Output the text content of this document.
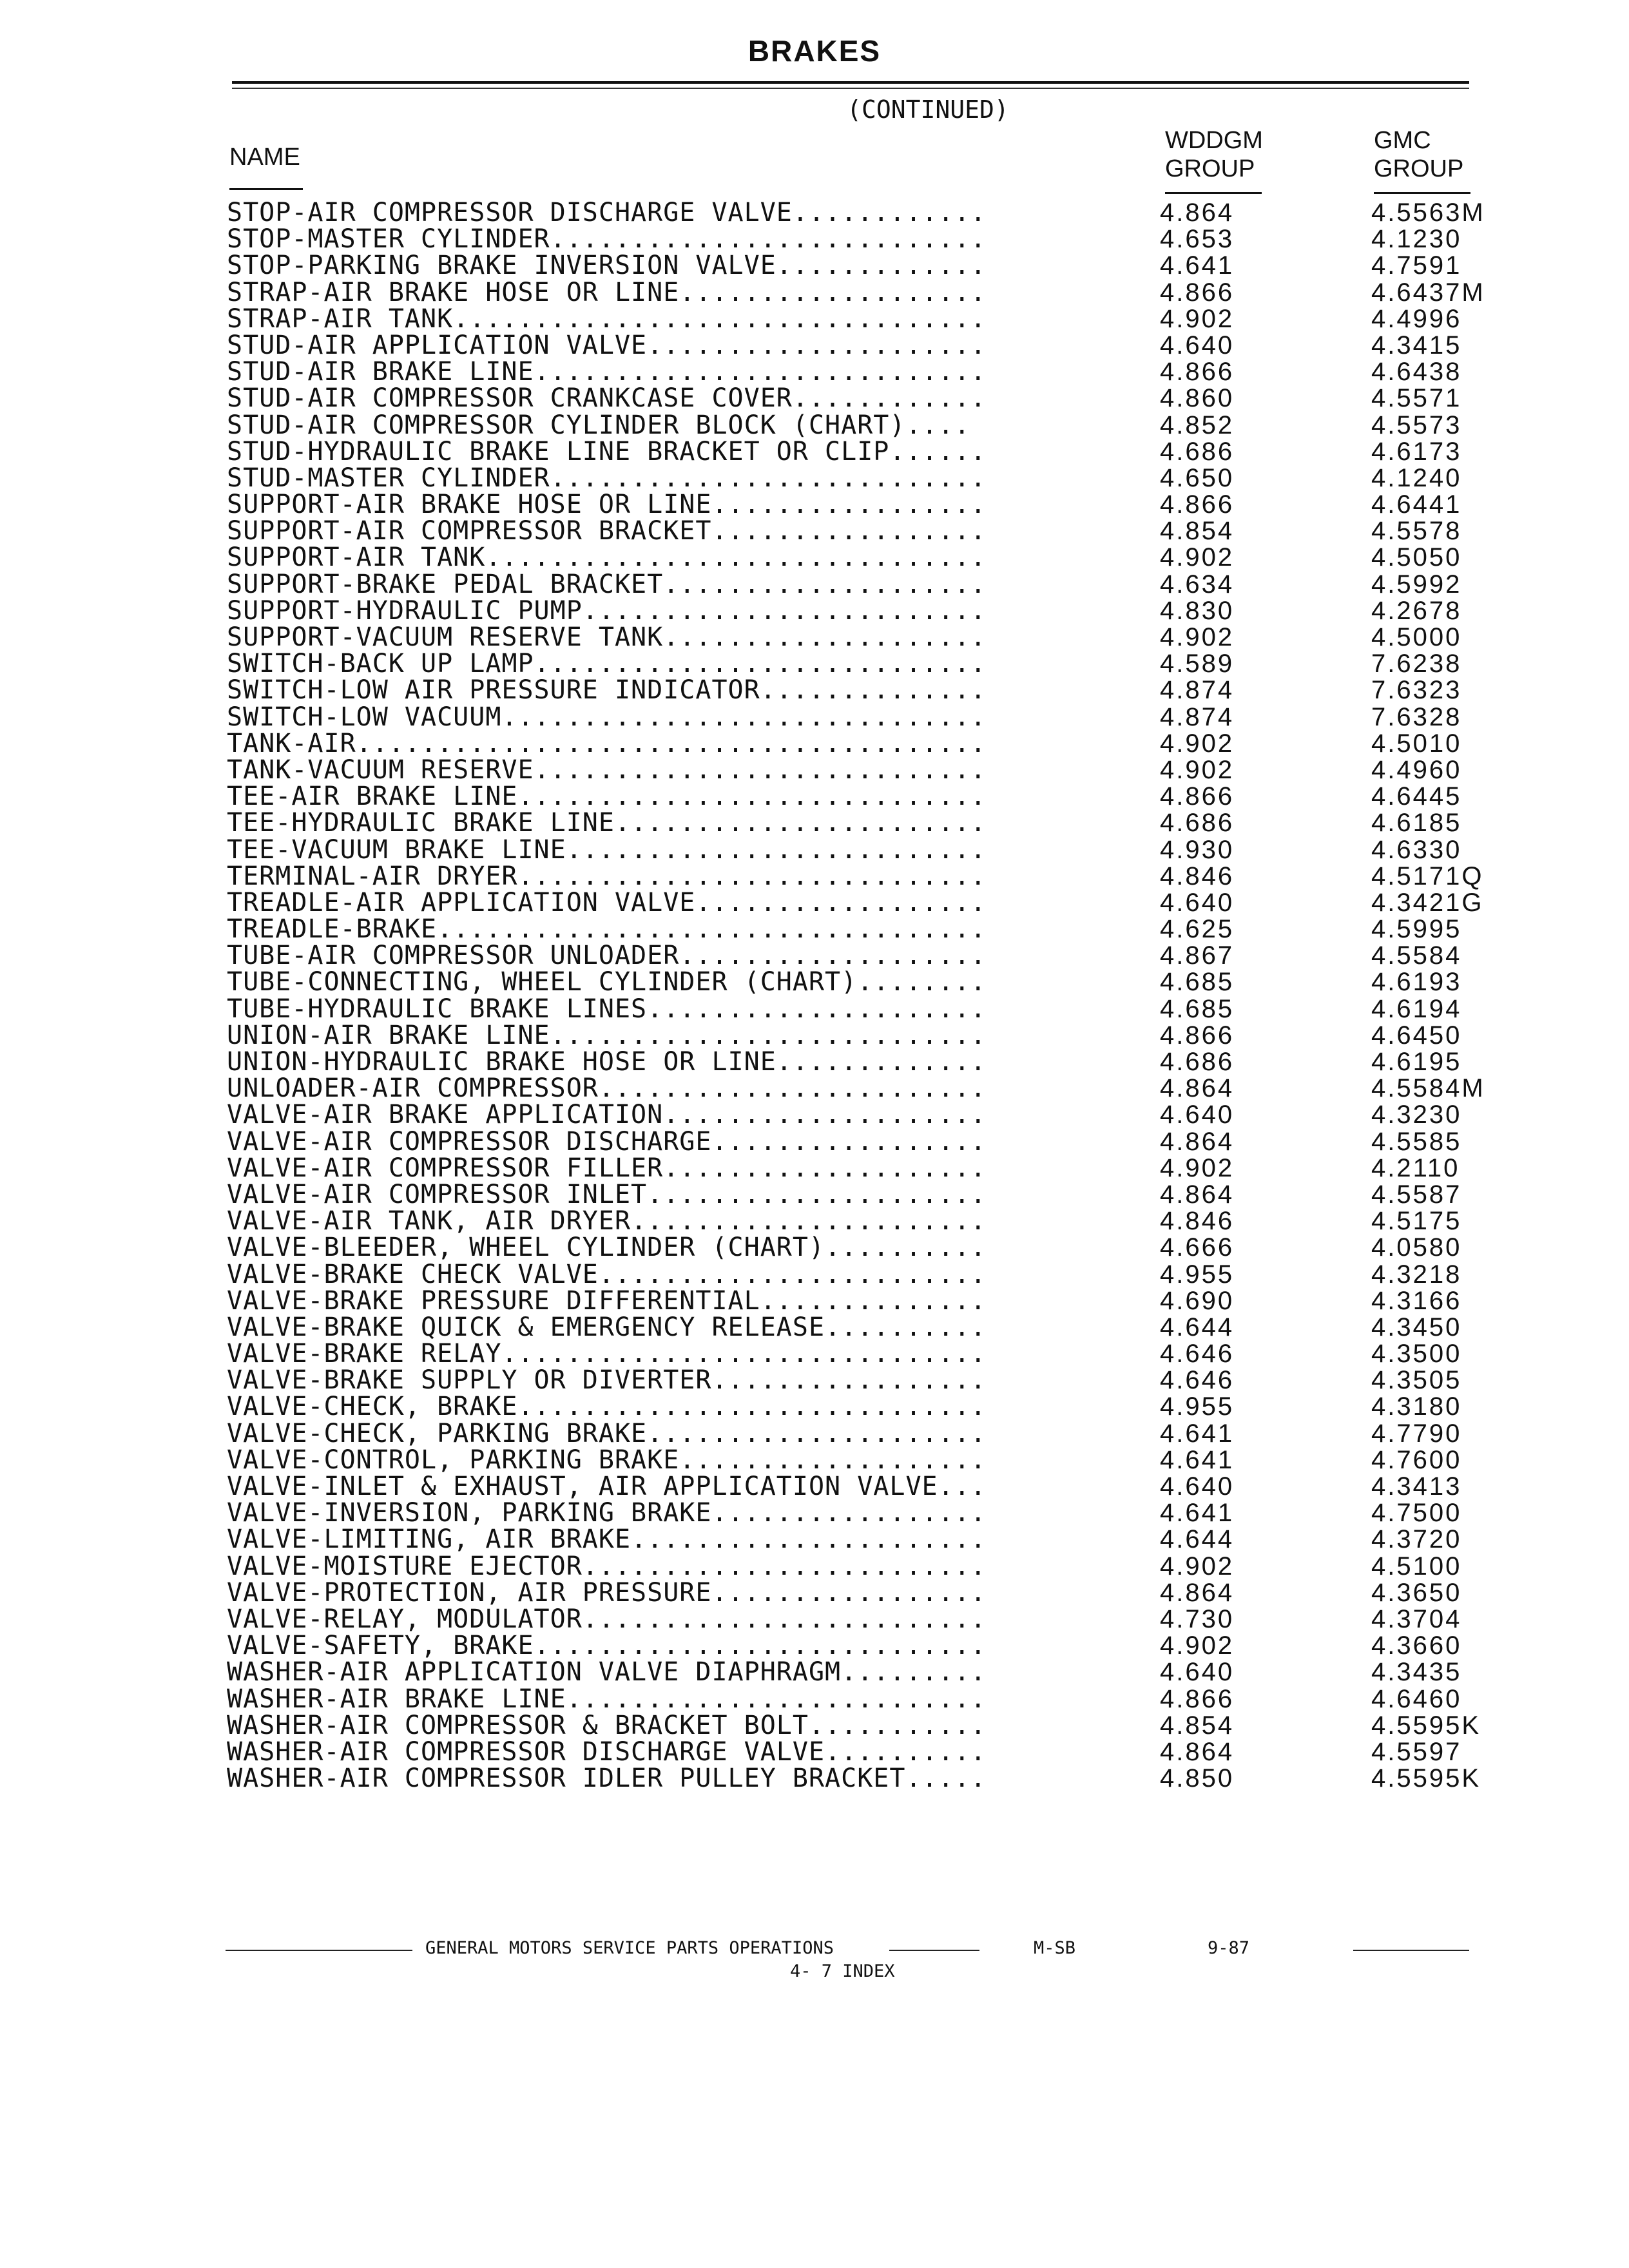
BRAKES
(CONTINUED)
NAME
WDDGM
GROUP
GMC
GROUP
STOP-AIR COMPRESSOR DISCHARGE VALVE............	4.864	4.5563M
STOP-MASTER CYLINDER...........................	4.653	4.1230
STOP-PARKING BRAKE INVERSION VALVE.............	4.641	4.7591
STRAP-AIR BRAKE HOSE OR LINE...................	4.866	4.6437M
STRAP-AIR TANK.................................	4.902	4.4996
STUD-AIR APPLICATION VALVE.....................	4.640	4.3415
STUD-AIR BRAKE LINE............................	4.866	4.6438
STUD-AIR COMPRESSOR CRANKCASE COVER............	4.860	4.5571
STUD-AIR COMPRESSOR CYLINDER BLOCK (CHART)....	4.852	4.5573
STUD-HYDRAULIC BRAKE LINE BRACKET OR CLIP......	4.686	4.6173
STUD-MASTER CYLINDER...........................	4.650	4.1240
SUPPORT-AIR BRAKE HOSE OR LINE.................	4.866	4.6441
SUPPORT-AIR COMPRESSOR BRACKET.................	4.854	4.5578
SUPPORT-AIR TANK...............................	4.902	4.5050
SUPPORT-BRAKE PEDAL BRACKET....................	4.634	4.5992
SUPPORT-HYDRAULIC PUMP.........................	4.830	4.2678
SUPPORT-VACUUM RESERVE TANK....................	4.902	4.5000
SWITCH-BACK UP LAMP............................	4.589	7.6238
SWITCH-LOW AIR PRESSURE INDICATOR..............	4.874	7.6323
SWITCH-LOW VACUUM..............................	4.874	7.6328
TANK-AIR.......................................	4.902	4.5010
TANK-VACUUM RESERVE............................	4.902	4.4960
TEE-AIR BRAKE LINE.............................	4.866	4.6445
TEE-HYDRAULIC BRAKE LINE.......................	4.686	4.6185
TEE-VACUUM BRAKE LINE..........................	4.930	4.6330
TERMINAL-AIR DRYER.............................	4.846	4.5171Q
TREADLE-AIR APPLICATION VALVE..................	4.640	4.3421G
TREADLE-BRAKE..................................	4.625	4.5995
TUBE-AIR COMPRESSOR UNLOADER...................	4.867	4.5584
TUBE-CONNECTING, WHEEL CYLINDER (CHART)........	4.685	4.6193
TUBE-HYDRAULIC BRAKE LINES.....................	4.685	4.6194
UNION-AIR BRAKE LINE...........................	4.866	4.6450
UNION-HYDRAULIC BRAKE HOSE OR LINE.............	4.686	4.6195
UNLOADER-AIR COMPRESSOR........................	4.864	4.5584M
VALVE-AIR BRAKE APPLICATION....................	4.640	4.3230
VALVE-AIR COMPRESSOR DISCHARGE.................	4.864	4.5585
VALVE-AIR COMPRESSOR FILLER....................	4.902	4.2110
VALVE-AIR COMPRESSOR INLET.....................	4.864	4.5587
VALVE-AIR TANK, AIR DRYER......................	4.846	4.5175
VALVE-BLEEDER, WHEEL CYLINDER (CHART)..........	4.666	4.0580
VALVE-BRAKE CHECK VALVE........................	4.955	4.3218
VALVE-BRAKE PRESSURE DIFFERENTIAL..............	4.690	4.3166
VALVE-BRAKE QUICK & EMERGENCY RELEASE..........	4.644	4.3450
VALVE-BRAKE RELAY..............................	4.646	4.3500
VALVE-BRAKE SUPPLY OR DIVERTER.................	4.646	4.3505
VALVE-CHECK, BRAKE.............................	4.955	4.3180
VALVE-CHECK, PARKING BRAKE.....................	4.641	4.7790
VALVE-CONTROL, PARKING BRAKE...................	4.641	4.7600
VALVE-INLET & EXHAUST, AIR APPLICATION VALVE...	4.640	4.3413
VALVE-INVERSION, PARKING BRAKE.................	4.641	4.7500
VALVE-LIMITING, AIR BRAKE......................	4.644	4.3720
VALVE-MOISTURE EJECTOR.........................	4.902	4.5100
VALVE-PROTECTION, AIR PRESSURE.................	4.864	4.3650
VALVE-RELAY, MODULATOR.........................	4.730	4.3704
VALVE-SAFETY, BRAKE............................	4.902	4.3660
WASHER-AIR APPLICATION VALVE DIAPHRAGM.........	4.640	4.3435
WASHER-AIR BRAKE LINE..........................	4.866	4.6460
WASHER-AIR COMPRESSOR & BRACKET BOLT...........	4.854	4.5595K
WASHER-AIR COMPRESSOR DISCHARGE VALVE..........	4.864	4.5597
WASHER-AIR COMPRESSOR IDLER PULLEY BRACKET.....	4.850	4.5595K
GENERAL MOTORS SERVICE PARTS OPERATIONS	M-SB	9-87
4- 7 INDEX
